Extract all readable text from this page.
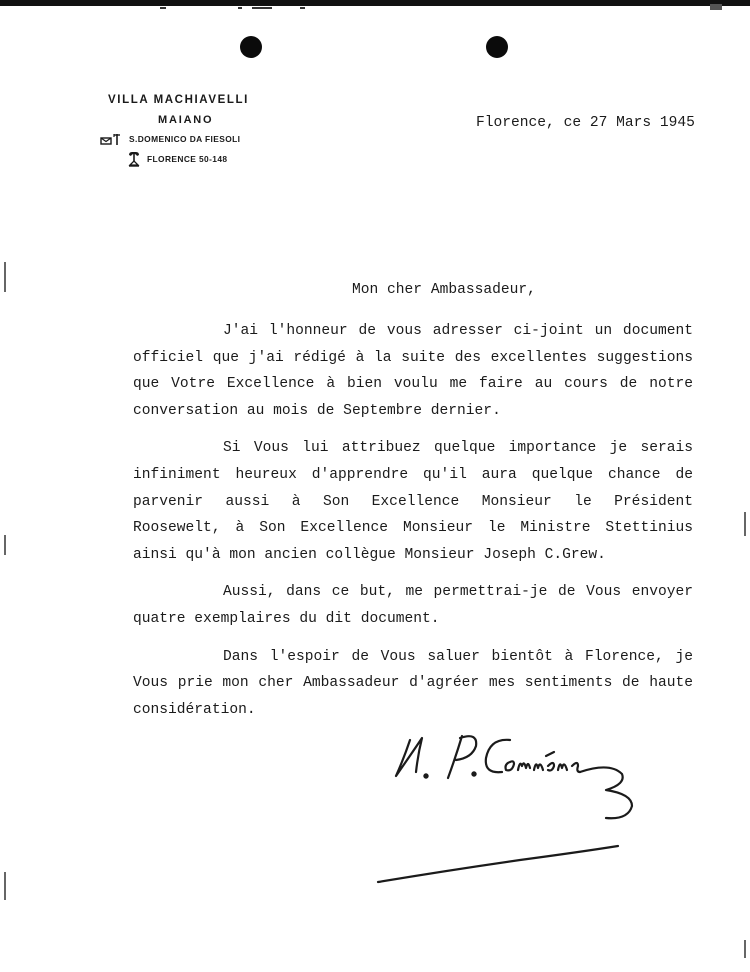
VILLA MACHIAVELLI
MAIANO
S.DOMENICO DA FIESOLI
FLORENCE 50-148
Florence, ce 27 Mars 1945
Mon cher Ambassadeur,

J'ai l'honneur de vous adresser ci-joint un document officiel que j'ai rédigé à la suite des excellentes suggestions que Votre Excellence à bien voulu me faire au cours de notre conversation au mois de Septembre dernier.

Si Vous lui attribuez quelque importance je serais infiniment heureux d'apprendre qu'il aura quelque chance de parvenir aussi à Son Excellence Monsieur le Président Roosewelt, à Son Excellence Monsieur le Ministre Stettinius ainsi qu'à mon ancien collègue Monsieur Joseph C.Grew.

Aussi, dans ce but, me permettrai-je de Vous envoyer quatre exemplaires du dit document.

Dans l'espoir de Vous saluer bientôt à Florence, je Vous prie mon cher Ambassadeur d'agréer mes sentiments de haute considération.
